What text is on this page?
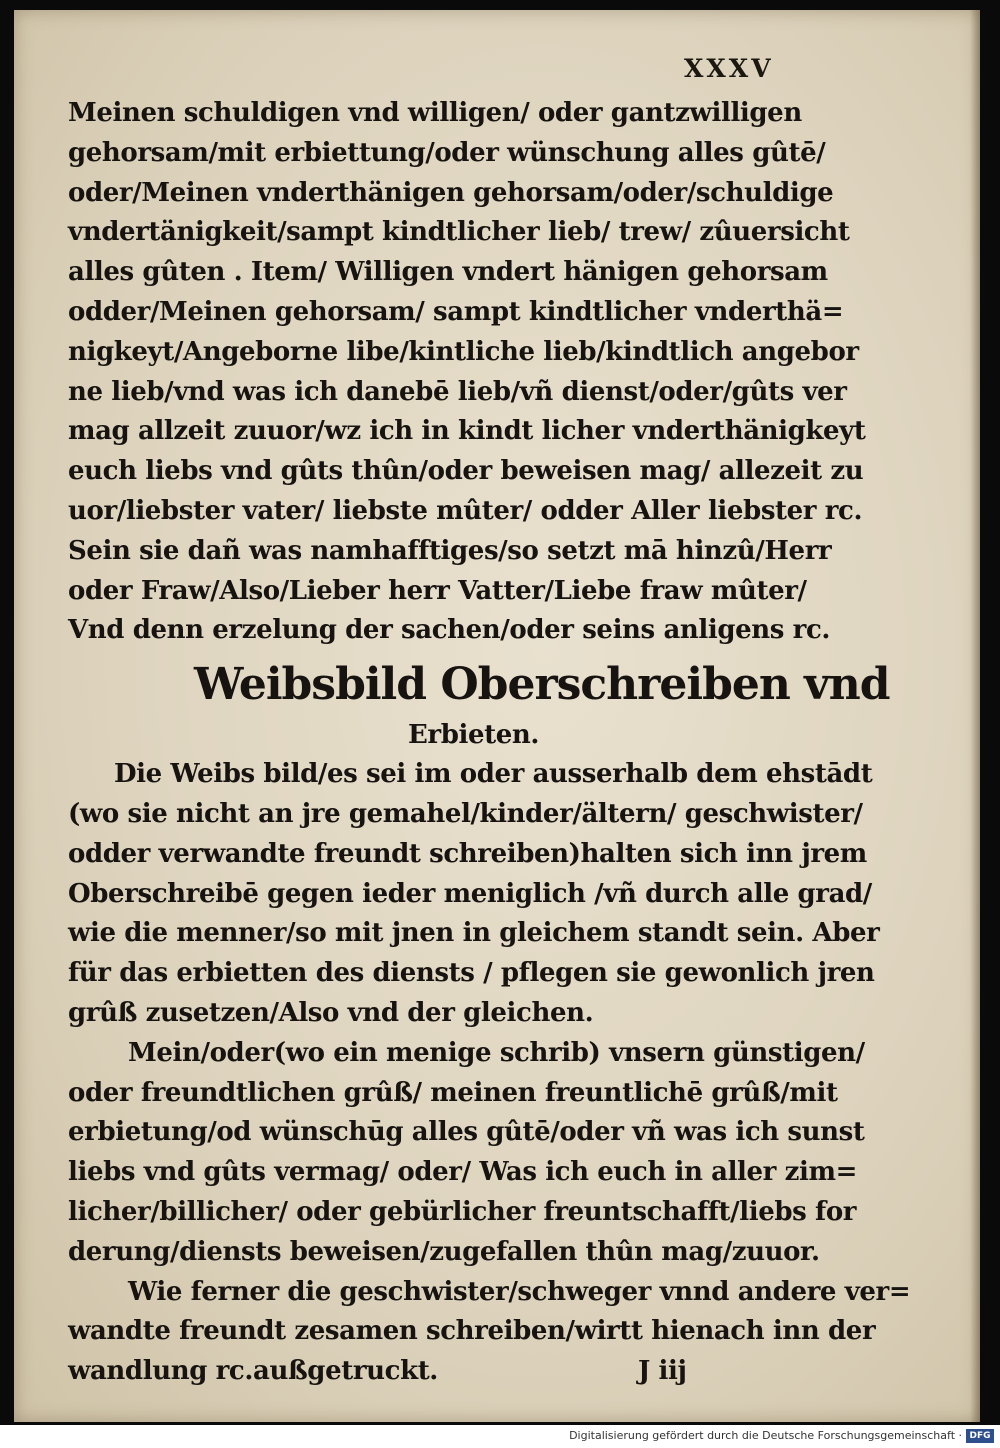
XXXV
Meinen schuldigen vnd willigen/ oder gantzwilligen
gehorsam/mit erbiettung/oder wünschung alles gûtē/
oder/Meinen vnderthänigen gehorsam/oder/schuldige
vndertänigkeit/sampt kindtlicher lieb/ trew/ zûuersicht
alles gûten . Item/ Willigen vndert hänigen gehorsam
odder/Meinen gehorsam/ sampt kindtlicher vnderthä=
nigkeyt/Angeborne libe/kintliche lieb/kindtlich angebor
ne lieb/vnd was ich danebē lieb/vñ dienst/oder/gûts ver
mag allzeit zuuor/wz ich in kindt licher vnderthänigkeyt
euch liebs vnd gûts thûn/oder beweisen mag/ allezeit zu
uor/liebster vater/ liebste mûter/ odder Aller liebster rc.
Sein sie dañ was namhafftiges/so setzt mā hinzû/Herr
oder Fraw/Also/Lieber herr Vatter/Liebe fraw mûter/
Vnd denn erzelung der sachen/oder seins anligens rc.
Weibsbild Oberschreiben vnd
Erbieten.
Die Weibs bild/es sei im oder ausserhalb dem ehstādt
(wo sie nicht an jre gemahel/kinder/ältern/ geschwister/
odder verwandte freundt schreiben)halten sich inn jrem
Oberschreibē gegen ieder meniglich /vñ durch alle grad/
wie die menner/so mit jnen in gleichem standt sein. Aber
für das erbietten des diensts / pflegen sie gewonlich jren
grûß zusetzen/Also vnd der gleichen.
Mein/oder(wo ein menige schrib) vnsern günstigen/
oder freundtlichen grûß/ meinen freuntlichē grûß/mit
erbietung/od wünschūg alles gûtē/oder vñ was ich sunst
liebs vnd gûts vermag/ oder/ Was ich euch in aller zim=
licher/billicher/ oder gebürlicher freuntschafft/liebs for
derung/diensts beweisen/zugefallen thûn mag/zuuor.
Wie ferner die geschwister/schweger vnnd andere ver=
wandte freundt zesamen schreiben/wirtt hienach inn der
wandlung rc.außgetruckt.	J iij
Digitalisierung gefördert durch die Deutsche Forschungsgemeinschaft · DFG
